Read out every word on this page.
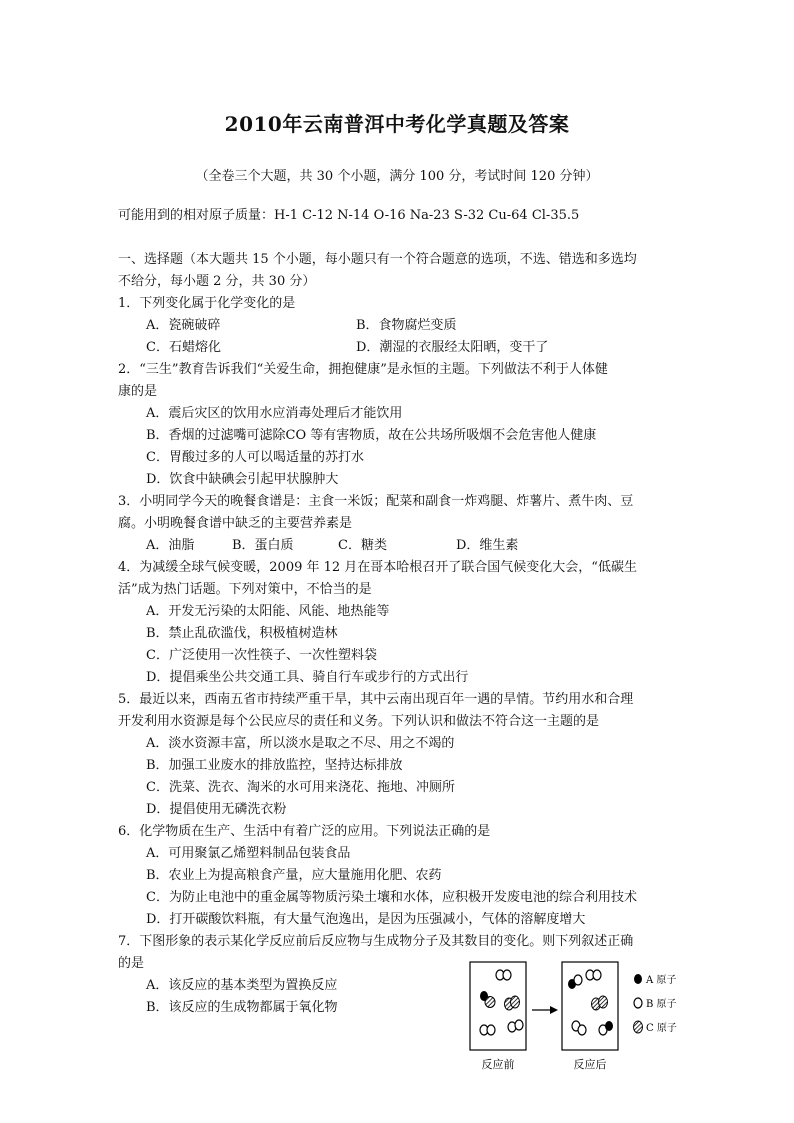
2010年云南普洱中考化学真题及答案
（全卷三个大题，共 30 个小题，满分 100 分，考试时间 120 分钟）
可能用到的相对原子质量：H-1 C-12 N-14 O-16 Na-23 S-32 Cu-64 Cl-35.5
一、选择题（本大题共 15 个小题，每小题只有一个符合题意的选项，不选、错选和多选均
不给分，每小题 2 分，共 30 分）
1．下列变化属于化学变化的是
A．瓷碗破碎	B．食物腐烂变质
C．石蜡熔化	D．潮湿的衣服经太阳晒，变干了
2．“三生”教育告诉我们“关爱生命，拥抱健康”是永恒的主题。下列做法不利于人体健
康的是
A．震后灾区的饮用水应消毒处理后才能饮用
B．香烟的过滤嘴可滤除CO 等有害物质，故在公共场所吸烟不会危害他人健康
C．胃酸过多的人可以喝适量的苏打水
D．饮食中缺碘会引起甲状腺肿大
3．小明同学今天的晚餐食谱是：主食一米饭；配菜和副食一炸鸡腿、炸薯片、煮牛肉、豆
腐。小明晚餐食谱中缺乏的主要营养素是
A．油脂	B．蛋白质	C．糖类	D．维生素
4．为减缓全球气候变暖，2009 年 12 月在哥本哈根召开了联合国气候变化大会，“低碳生
活”成为热门话题。下列对策中，不恰当的是
A．开发无污染的太阳能、风能、地热能等
B．禁止乱砍滥伐，积极植树造林
C．广泛使用一次性筷子、一次性塑料袋
D．提倡乘坐公共交通工具、骑自行车或步行的方式出行
5．最近以来，西南五省市持续严重干旱，其中云南出现百年一遇的旱情。节约用水和合理
开发利用水资源是每个公民应尽的责任和义务。下列认识和做法不符合这一主题的是
A．淡水资源丰富，所以淡水是取之不尽、用之不竭的
B．加强工业废水的排放监控，坚持达标排放
C．洗菜、洗衣、淘米的水可用来浇花、拖地、冲厕所
D．提倡使用无磷洗衣粉
6．化学物质在生产、生活中有着广泛的应用。下列说法正确的是
A．可用聚氯乙烯塑料制品包装食品
B．农业上为提高粮食产量，应大量施用化肥、农药
C．为防止电池中的重金属等物质污染土壤和水体，应积极开发废电池的综合利用技术
D．打开碳酸饮料瓶，有大量气泡逸出，是因为压强减小，气体的溶解度增大
7．下图形象的表示某化学反应前后反应物与生成物分子及其数目的变化。则下列叙述正确
的是
A．该反应的基本类型为置换反应
B．该反应的生成物都属于氧化物
反应前	反应后
A 原子
B 原子
C 原子
